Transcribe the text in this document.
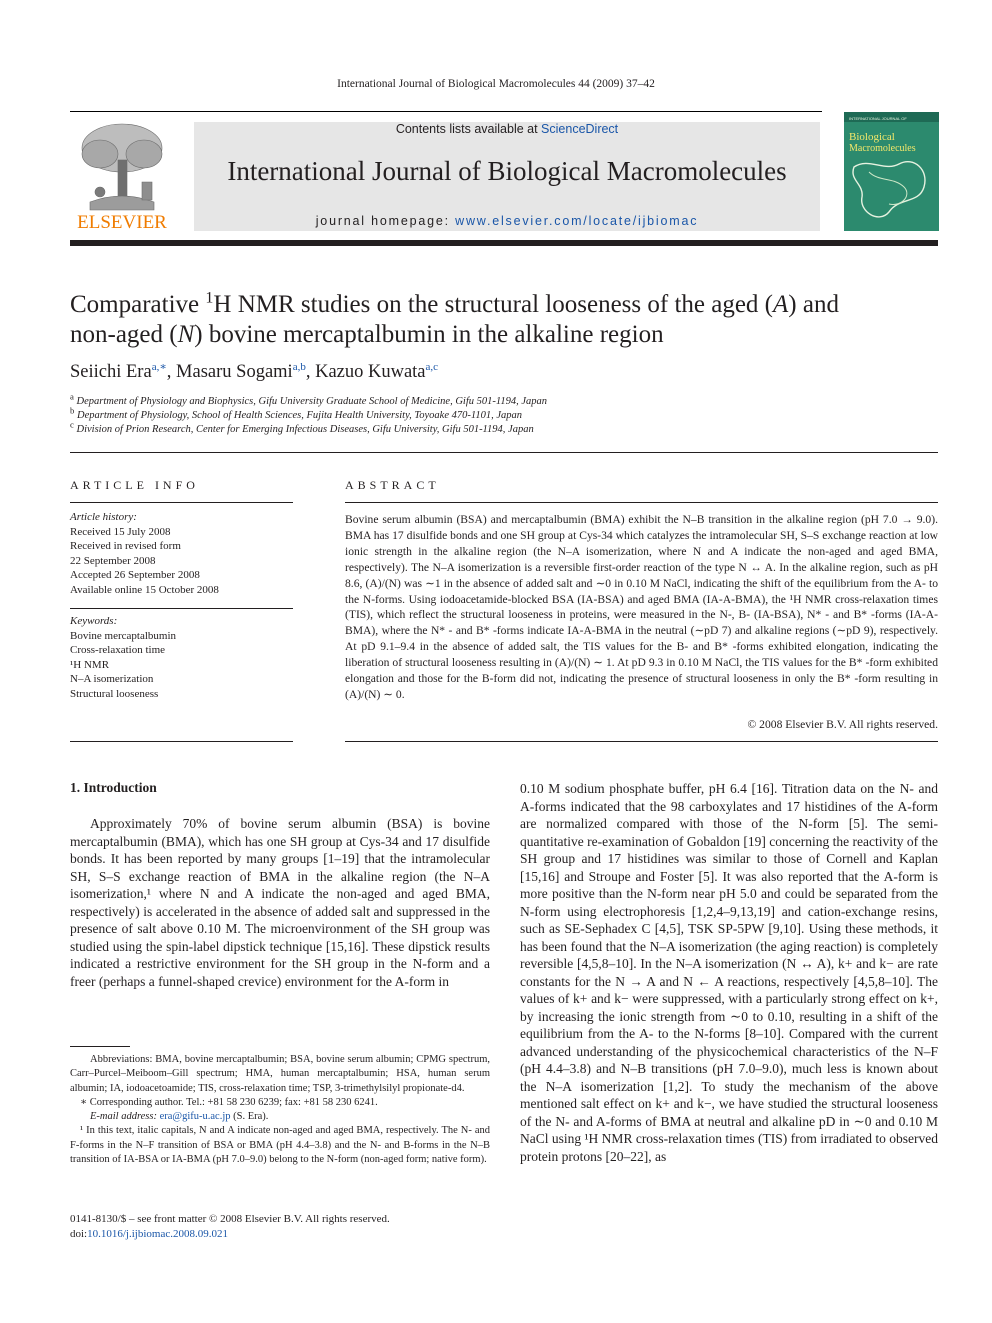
International Journal of Biological Macromolecules 44 (2009) 37–42
ELSEVIER
Contents lists available at ScienceDirect
International Journal of Biological Macromolecules
journal homepage: www.elsevier.com/locate/ijbiomac
INTERNATIONAL JOURNAL OF
Biological
Macromolecules
Comparative $^1$H NMR studies on the structural looseness of the aged (A) and
non-aged (N) bovine mercaptalbumin in the alkaline region
Seiichi Era$^{a,∗}$, Masaru Sogami$^{a,b}$, Kazuo Kuwata$^{a,c}$
$^a$ Department of Physiology and Biophysics, Gifu University Graduate School of Medicine, Gifu 501-1194, Japan
$^b$ Department of Physiology, School of Health Sciences, Fujita Health University, Toyoake 470-1101, Japan
$^c$ Division of Prion Research, Center for Emerging Infectious Diseases, Gifu University, Gifu 501-1194, Japan
ARTICLE INFO
Article history:
Received 15 July 2008
Received in revised form
22 September 2008
Accepted 26 September 2008
Available online 15 October 2008
Keywords:
Bovine mercaptalbumin
Cross-relaxation time
¹H NMR
N–A isomerization
Structural looseness
ABSTRACT
Bovine serum albumin (BSA) and mercaptalbumin (BMA) exhibit the N–B transition in the alkaline region (pH 7.0 → 9.0). BMA has 17 disulfide bonds and one SH group at Cys-34 which catalyzes the intramolecular SH, S–S exchange reaction at low ionic strength in the alkaline region (the N–A isomerization, where N and A indicate the non-aged and aged BMA, respectively). The N–A isomerization is a reversible first-order reaction of the type N ↔ A. In the alkaline region, such as pH 8.6, (A)/(N) was ∼1 in the absence of added salt and ∼0 in 0.10 M NaCl, indicating the shift of the equilibrium from the A- to the N-forms. Using iodoacetamide-blocked BSA (IA-BSA) and aged BMA (IA-A-BMA), the ¹H NMR cross-relaxation times (TIS), which reflect the structural looseness in proteins, were measured in the N-, B- (IA-BSA), N* - and B* -forms (IA-A-BMA), where the N* - and B* -forms indicate IA-A-BMA in the neutral (∼pD 7) and alkaline regions (∼pD 9), respectively. At pD 9.1–9.4 in the absence of added salt, the TIS values for the B- and B* -forms exhibited elongation, indicating the liberation of structural looseness resulting in (A)/(N) ∼ 1. At pD 9.3 in 0.10 M NaCl, the TIS values for the B* -form exhibited elongation and those for the B-form did not, indicating the presence of structural looseness in only the B* -form resulting in (A)/(N) ∼ 0.
© 2008 Elsevier B.V. All rights reserved.
1. Introduction

Approximately 70% of bovine serum albumin (BSA) is bovine mercaptalbumin (BMA), which has one SH group at Cys-34 and 17 disulfide bonds. It has been reported by many groups [1–19] that the intramolecular SH, S–S exchange reaction of BMA in the alkaline region (the N–A isomerization,¹ where N and A indicate the non-aged and aged BMA, respectively) is accelerated in the absence of added salt and suppressed in the presence of salt above 0.10 M. The microenvironment of the SH group was studied using the spin-label dipstick technique [15,16]. These dipstick results indicated a restrictive environment for the SH group in the N-form and a freer (perhaps a funnel-shaped crevice) environment for the A-form in

0.10 M sodium phosphate buffer, pH 6.4 [16]. Titration data on the N- and A-forms indicated that the 98 carboxylates and 17 histidines of the A-form are normalized compared with those of the N-form [5]. The semi-quantitative re-examination of Gobaldon [19] concerning the reactivity of the SH group and 17 histidines was similar to those of Cornell and Kaplan [15,16] and Stroupe and Foster [5]. It was also reported that the A-form is more positive than the N-form near pH 5.0 and could be separated from the N-form using electrophoresis [1,2,4–9,13,19] and cation-exchange resins, such as SE-Sephadex C [4,5], TSK SP-5PW [9,10]. Using these methods, it has been found that the N–A isomerization (the aging reaction) is completely reversible [4,5,8–10]. In the N–A isomerization (N ↔ A), k+ and k− are rate constants for the N → A and N ← A reactions, respectively [4,5,8–10]. The values of k+ and k− were suppressed, with a particularly strong effect on k+, by increasing the ionic strength from ∼0 to 0.10, resulting in a shift of the equilibrium from the A- to the N-forms [8–10]. Compared with the current advanced understanding of the physicochemical characteristics of the N–F (pH 4.4–3.8) and N–B transitions (pH 7.0–9.0), much less is known about the N–A isomerization [1,2]. To study the mechanism of the above mentioned salt effect on k+ and k−, we have studied the structural looseness of the N- and A-forms of BMA at neutral and alkaline pD in ∼0 and 0.10 M NaCl using ¹H NMR cross-relaxation times (TIS) from irradiated to observed protein protons [20–22], as

Abbreviations: BMA, bovine mercaptalbumin; BSA, bovine serum albumin; CPMG spectrum, Carr–Purcel–Meiboom–Gill spectrum; HMA, human mercaptalbumin; HSA, human serum albumin; IA, iodoacetoamide; TIS, cross-relaxation time; TSP, 3-trimethylsilyl propionate-d4.
∗ Corresponding author. Tel.: +81 58 230 6239; fax: +81 58 230 6241.
E-mail address: era@gifu-u.ac.jp (S. Era).
¹ In this text, italic capitals, N and A indicate non-aged and aged BMA, respectively. The N- and F-forms in the N–F transition of BSA or BMA (pH 4.4–3.8) and the N- and B-forms in the N–B transition of IA-BSA or IA-BMA (pH 7.0–9.0) belong to the N-form (non-aged form; native form).
0141-8130/$ – see front matter © 2008 Elsevier B.V. All rights reserved.
doi:10.1016/j.ijbiomac.2008.09.021
